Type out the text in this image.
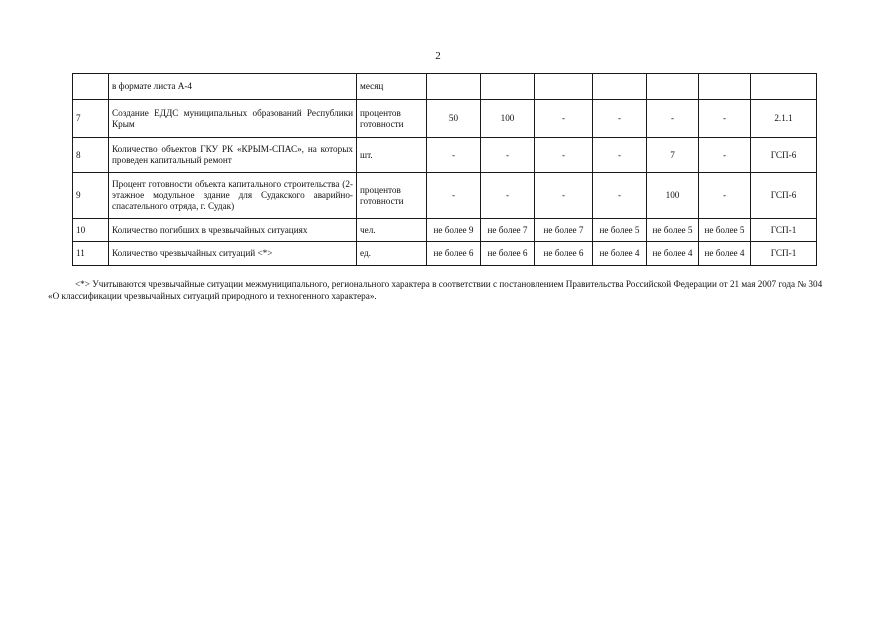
2
	в формате листа А-4	месяц							
7	Создание ЕДДС муниципальных образований Республики Крым	процентов готовности	50	100	-	-	-	-	2.1.1
8	Количество объектов ГКУ РК «КРЫМ-СПАС», на которых проведен капитальный ремонт	шт.	-	-	-	-	7	-	ГСП-6
9	Процент готовности объекта капитального строительства (2-этажное модульное здание для Судакского аварийно-спасательного отряда, г. Судак)	процентов готовности	-	-	-	-	100	-	ГСП-6
10	Количество погибших в чрезвычайных ситуациях	чел.	не более 9	не более 7	не более 7	не более 5	не более 5	не более 5	ГСП-1
11	Количество чрезвычайных ситуаций <*>	ед.	не более 6	не более 6	не более 6	не более 4	не более 4	не более 4	ГСП-1
<*> Учитываются чрезвычайные ситуации межмуниципального, регионального характера в соответствии с постановлением Правительства Российской Федерации от 21 мая 2007 года № 304 «О классификации чрезвычайных ситуаций природного и техногенного характера».
